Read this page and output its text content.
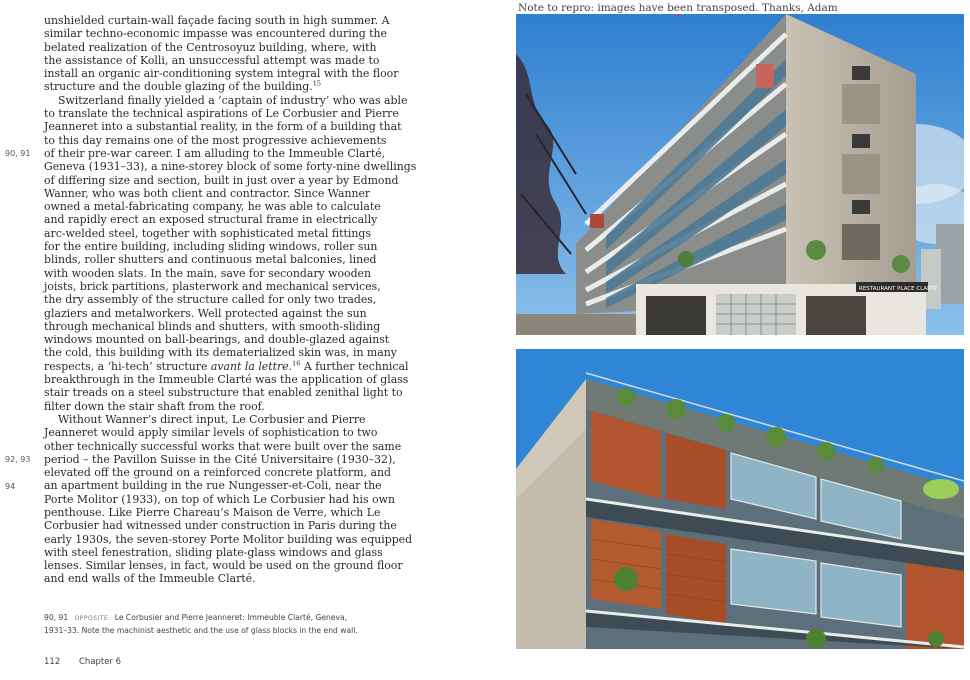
unshielded curtain-wall façade facing south in high summer. A
similar techno-economic impasse was encountered during the
belated realization of the Centrosoyuz building, where, with
the assistance of Kolli, an unsuccessful attempt was made to
install an organic air-conditioning system integral with the floor
structure and the double glazing of the building.$^{15}$
Switzerland finally yielded a ‘captain of industry’ who was able
to translate the technical aspirations of Le Corbusier and Pierre
Jeanneret into a substantial reality, in the form of a building that
to this day remains one of the most progressive achievements
of their pre-war career. I am alluding to the Immeuble Clarté,
Geneva (1931–33), a nine-storey block of some forty-nine dwellings
of differing size and section, built in just over a year by Edmond
Wanner, who was both client and contractor. Since Wanner
owned a metal-fabricating company, he was able to calculate
and rapidly erect an exposed structural frame in electrically
arc-welded steel, together with sophisticated metal fittings
for the entire building, including sliding windows, roller sun
blinds, roller shutters and continuous metal balconies, lined
with wooden slats. In the main, save for secondary wooden
joists, brick partitions, plasterwork and mechanical services,
the dry assembly of the structure called for only two trades,
glaziers and metalworkers. Well protected against the sun
through mechanical blinds and shutters, with smooth-sliding
windows mounted on ball-bearings, and double-glazed against
the cold, this building with its dematerialized skin was, in many
respects, a ‘hi-tech’ structure avant la lettre.$^{16}$ A further technical
breakthrough in the Immeuble Clarté was the application of glass
stair treads on a steel substructure that enabled zenithal light to
filter down the stair shaft from the roof.
Without Wanner’s direct input, Le Corbusier and Pierre
Jeanneret would apply similar levels of sophistication to two
other technically successful works that were built over the same
period – the Pavillon Suisse in the Cité Universitaire (1930–32),
elevated off the ground on a reinforced concrete platform, and
an apartment building in the rue Nungesser-et-Coli, near the
Porte Molitor (1933), on top of which Le Corbusier had his own
penthouse. Like Pierre Chareau’s Maison de Verre, which Le
Corbusier had witnessed under construction in Paris during the
early 1930s, the seven-storey Porte Molitor building was equipped
with steel fenestration, sliding plate-glass windows and glass
lenses. Similar lenses, in fact, would be used on the ground floor
and end walls of the Immeuble Clarté.
90, 91
92, 93
94
90, 91 OPPOSITE Le Corbusier and Pierre Jeanneret: Immeuble Clarté, Geneva,
1931–33. Note the machinist aesthetic and the use of glass blocks in the end wall.
112 Chapter 6
Note to repro: images have been transposed. Thanks, Adam
RESTAURANT PLACE CLARTÉ
